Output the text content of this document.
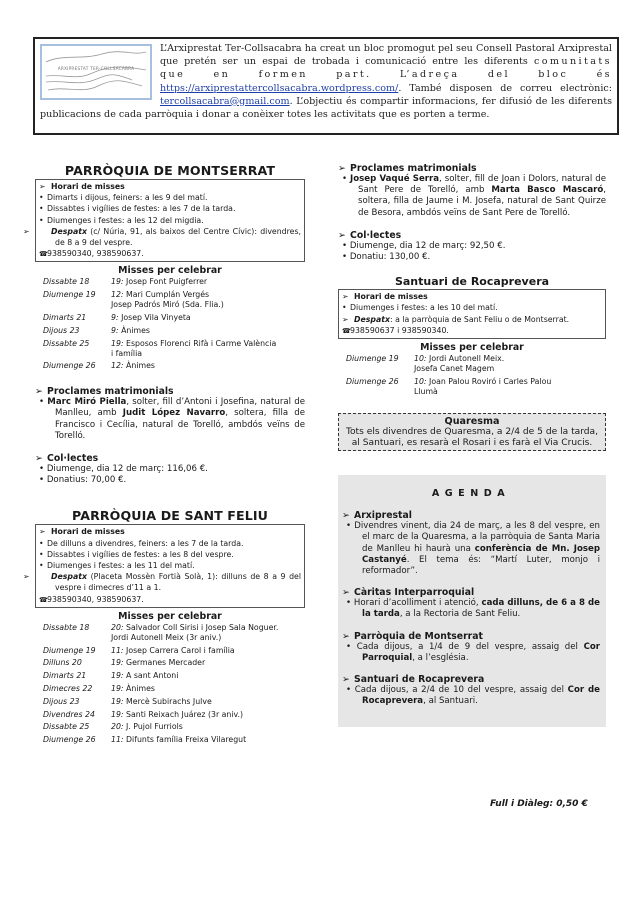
ARXIPRESTAT TER-COLLSACABRA
L’Arxiprestat Ter-Collsacabra ha creat un bloc promogut pel seu Consell Pastoral Arxiprestal que pretén ser un espai de trobada i comunicació entre les diferents comunitats que en formen part. L’adreça del bloc és https://arxiprestattercollsacabra.wordpress.com/. També disposen de correu electrònic: tercollsacabra@gmail.com. L’objectiu és compartir informacions, fer difusió de les diferents publicacions de cada parròquia i donar a conèixer totes les activitats que es porten a terme.
PARRÒQUIA DE MONTSERRAT
➢ Horari de misses
• Dimarts i dijous, feiners: a les 9 del matí.
• Dissabtes i vigílies de festes: a les 7 de la tarda.
• Diumenges i festes: a les 12 del migdia.
➢	Despatx (c/ Núria, 91, als baixos del Centre Cívic): divendres, de 8 a 9 del vespre.
☎938590340, 938590637.
Misses per celebrar
Dissabte 18	19: Josep Font Puigferrer
Diumenge 19	12: Mari Cumplán Vergés
Josep Padrós Miró (Sda. Flia.)

Dimarts 21	9: Josep Vila Vinyeta
Dijous 23	9: Ànimes
Dissabte 25	19: Esposos Florenci Rifà i Carme València
i família

Diumenge 26	12: Ànimes
➢ Proclames matrimonials
• Marc Miró Piella, solter, fill d’Antoni i Josefina, natural de Manlleu, amb Judit López Navarro, soltera, filla de Francisco i Cecília, natural de Torelló, ambdós veïns de Torelló.
➢ Col·lectes
• Diumenge, dia 12 de març: 116,06 €.
• Donatius: 70,00 €.
PARRÒQUIA DE SANT FELIU
➢ Horari de misses
• De dilluns a divendres, feiners: a les 7 de la tarda.
• Dissabtes i vigílies de festes: a les 8 del vespre.
• Diumenges i festes: a les 11 del matí.
➢	Despatx (Placeta Mossèn Fortià Solà, 1): dilluns de 8 a 9 del vespre i dimecres d’11 a 1.
☎938590340, 938590637.
Misses per celebrar
Dissabte 18	20: Salvador Coll Sirisi i Josep Sala Noguer.
Jordi Autonell Meix (3r aniv.)

Diumenge 19	11: Josep Carrera Carol i família
Dilluns 20	19: Germanes Mercader
Dimarts 21	19: A sant Antoni
Dimecres 22	19: Ànimes
Dijous 23	19: Mercè Subirachs Julve
Divendres 24	19: Santi Reixach Juárez (3r aniv.)
Dissabte 25	20: J. Pujol Furriols
Diumenge 26	11: Difunts família Freixa Vilaregut
➢ Proclames matrimonials
• Josep Vaqué Serra, solter, fill de Joan i Dolors, natural de Sant Pere de Torelló, amb Marta Basco Mascaró, soltera, filla de Jaume i M. Josefa, natural de Sant Quirze de Besora, ambdós veïns de Sant Pere de Torelló.
➢ Col·lectes
• Diumenge, dia 12 de març: 92,50 €.
• Donatiu: 130,00 €.
Santuari de Rocaprevera
➢ Horari de misses
• Diumenges i festes: a les 10 del matí.
➢ Despatx: a la parròquia de Sant Feliu o de Montserrat.
☎938590637 i 938590340.
Misses per celebrar
Diumenge 19	10: Jordi Autonell Meix.
Josefa Canet Magem

Diumenge 26	10: Joan Palou Roviró i Carles Palou
Llumà
Quaresma
Tots els divendres de Quaresma, a 2/4 de 5 de la tarda, al Santuari, es resarà el Rosari i es farà el Via Crucis.
AGENDA
➢ Arxiprestal
• Divendres vinent, dia 24 de març, a les 8 del vespre, en el marc de la Quaresma, a la parròquia de Santa Maria de Manlleu hi haurà una conferència de Mn. Josep Castanyé. El tema és: “Martí Luter, monjo i reformador”.
➢ Càritas Interparroquial
• Horari d’acolliment i atenció, cada dilluns, de 6 a 8 de la tarda, a la Rectoria de Sant Feliu.
➢ Parròquia de Montserrat
• Cada dijous, a 1/4 de 9 del vespre, assaig del Cor Parroquial, a l’església.
➢ Santuari de Rocaprevera
• Cada dijous, a 2/4 de 10 del vespre, assaig del Cor de Rocaprevera, al Santuari.
Full i Diàleg: 0,50 €
